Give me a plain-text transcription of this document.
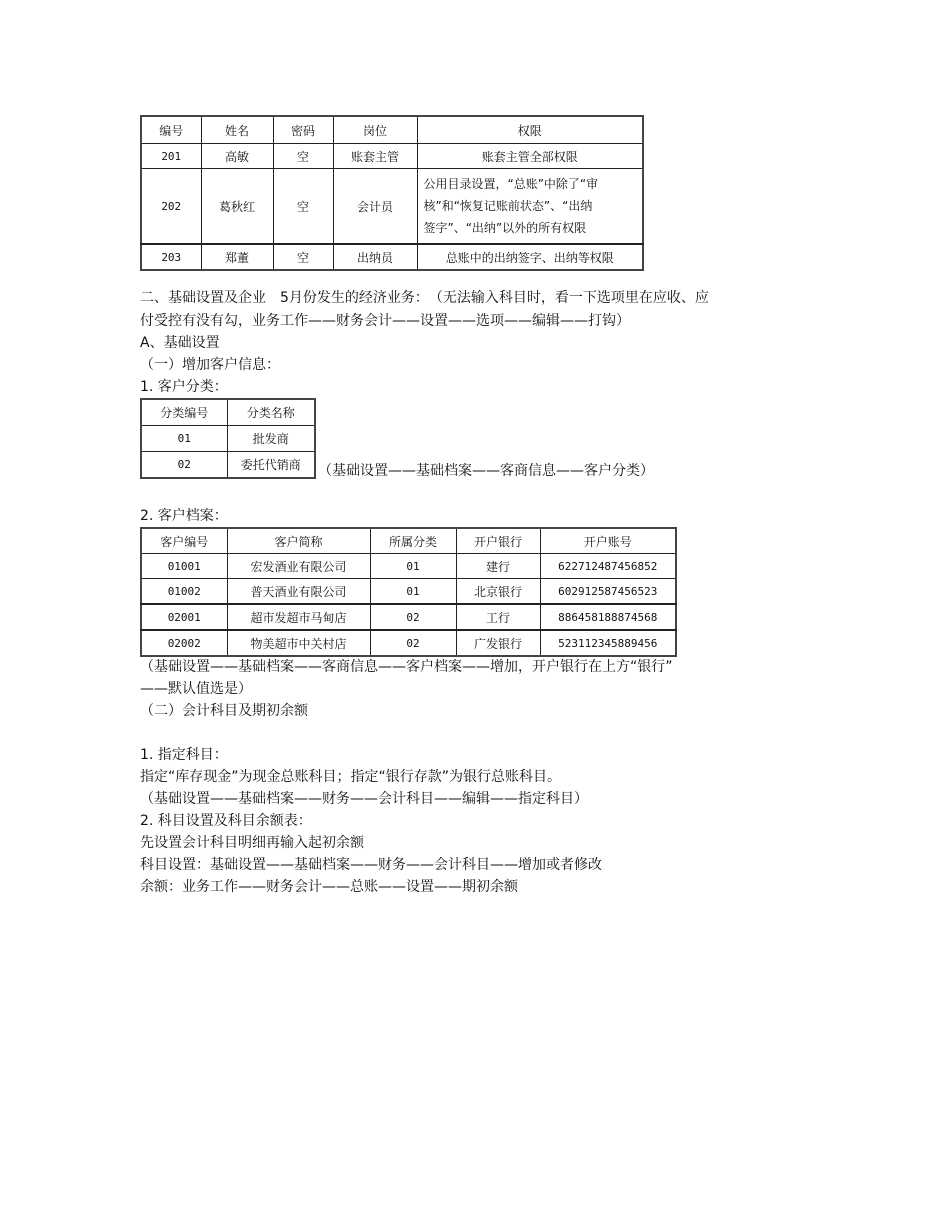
编号	姓名	密码	岗位	权限
201	高敏	空	账套主管	账套主管全部权限
202	葛秋红	空	会计员	公用目录设置，“总账”中除了“审
核”和“恢复记账前状态”、“出纳
签字”、“出纳”以外的所有权限

203	郑董	空	出纳员	总账中的出纳签字、出纳等权限
二、基础设置及企业　5月份发生的经济业务：　（无法输入科目时，看一下选项里在应收、应
付受控有没有勾，业务工作——财务会计——设置——选项——编辑——打钩）
A、基础设置
（一）增加客户信息：
1. 客户分类：
分类编号	分类名称
01	批发商
02	委托代销商 （基础设置——基础档案——客商信息——客户分类）
2. 客户档案：
客户编号	客户简称	所属分类	开户银行	开户账号
01001	宏发酒业有限公司	01	建行	622712487456852
01002	普天酒业有限公司	01	北京银行	602912587456523
02001	超市发超市马甸店	02	工行	886458188874568
02002	物美超市中关村店	02	广发银行	523112345889456
（基础设置——基础档案——客商信息——客户档案——增加，开户银行在上方“银行”
——默认值选是）
（二）会计科目及期初余额
1. 指定科目：
指定“库存现金”为现金总账科目；指定“银行存款”为银行总账科目。
（基础设置——基础档案——财务——会计科目——编辑——指定科目）
2. 科目设置及科目余额表：
先设置会计科目明细再输入起初余额
科目设置：基础设置——基础档案——财务——会计科目——增加或者修改
余额：业务工作——财务会计——总账——设置——期初余额
